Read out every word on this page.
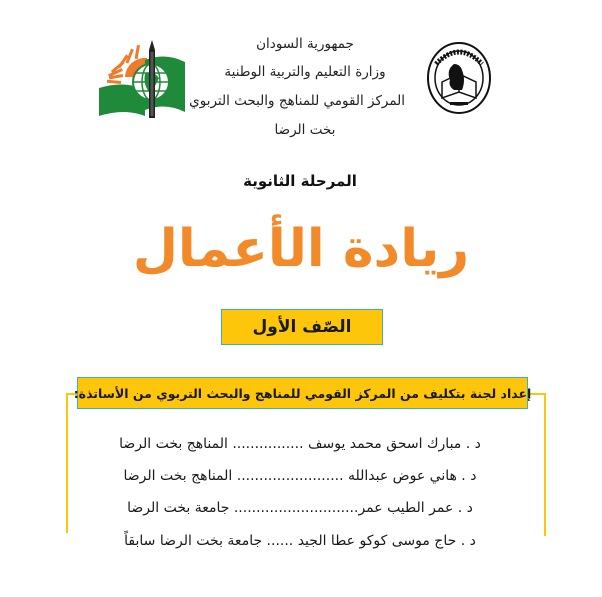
جمهورية السودان
وزارة التعليم والتربية الوطنية
المركز القومي للمناهج والبحث التربوي
بخت الرضا
المرحلة الثانوية
ريادة الأعمال
الصّف الأول
إعداد لجنة بتكليف من المركز القومي للمناهج والبحث التربوي من الأساتذة:
د . مبارك اسحق محمد يوسف ................ المناهج بخت الرضا
د . هاني عوض عبدالله ........................ المناهج بخت الرضا
د . عمر الطيب عمر............................ جامعة بخت الرضا
د . حاج موسى كوكو عطا الجيد ...... جامعة بخت الرضا سابقاً
